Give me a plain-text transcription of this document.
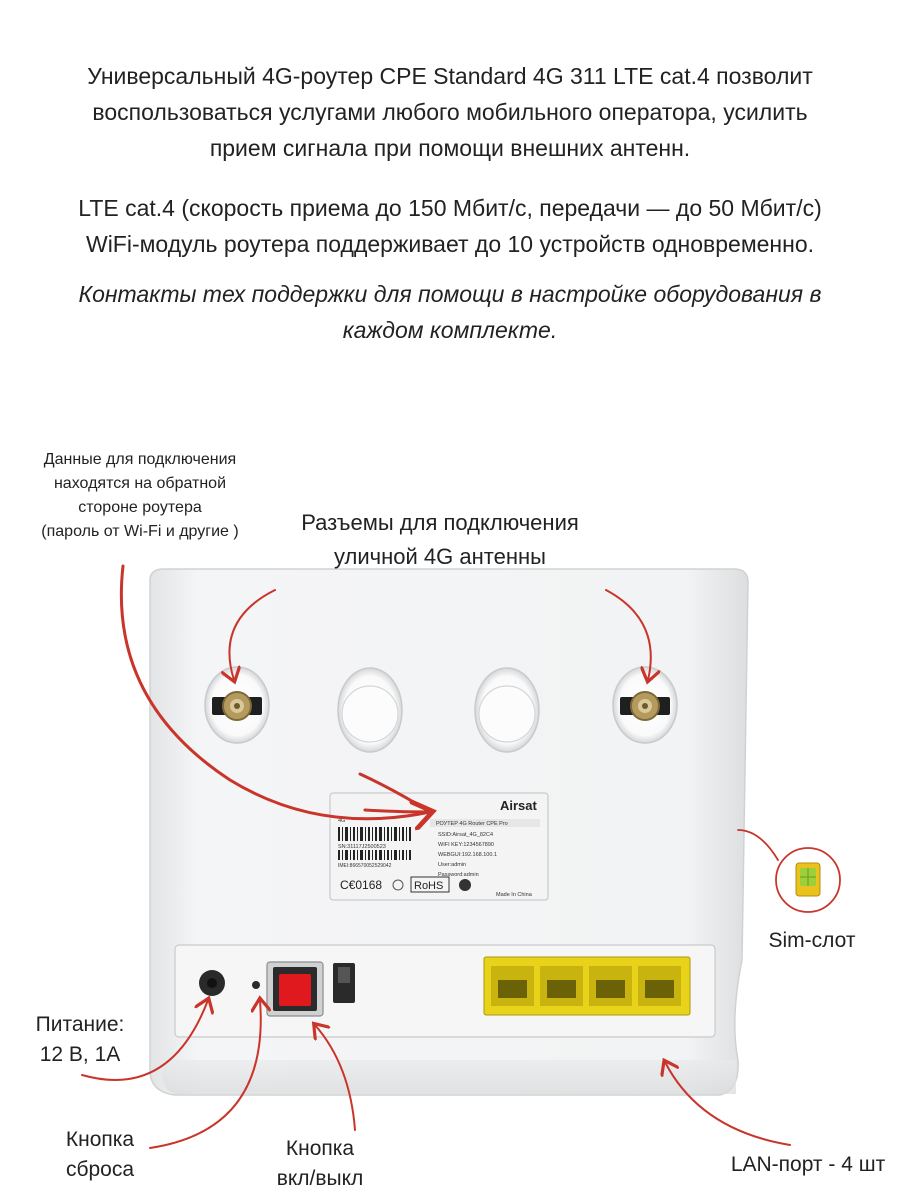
Универсальный 4G-роутер CPE Standard 4G 311 LTE cat.4 позволит

воспользоваться услугами любого мобильного оператора, усилить

прием сигнала при помощи внешних антенн.

LTE cat.4 (скорость приема до 150 Мбит/с, передачи — до 50 Мбит/с)

WiFi-модуль роутера поддерживает до 10 устройств одновременно.

Контакты тех поддержки для помощи в настройке оборудования в

каждом комплекте.

Airsat
РОУТЕР 4G Router CPE Pro
4G
SSID:Airsat_4G_82C4
WIFI KEY:1234567890
WEBGUI:192.168.100.1
User:admin
Password:admin
SN:31117J2500523
IMEI:866570052529042
C€0168	RoHS
Made In China
Данные для подключения
находятся на обратной
стороне роутера
(пароль от Wi-Fi и другие )	Разъемы для подключения
уличной 4G антенны
Sim-слот
Питание:
12 В, 1А
Кнопка
сброса
Кнопка
вкл/выкл
LAN-порт - 4 шт
